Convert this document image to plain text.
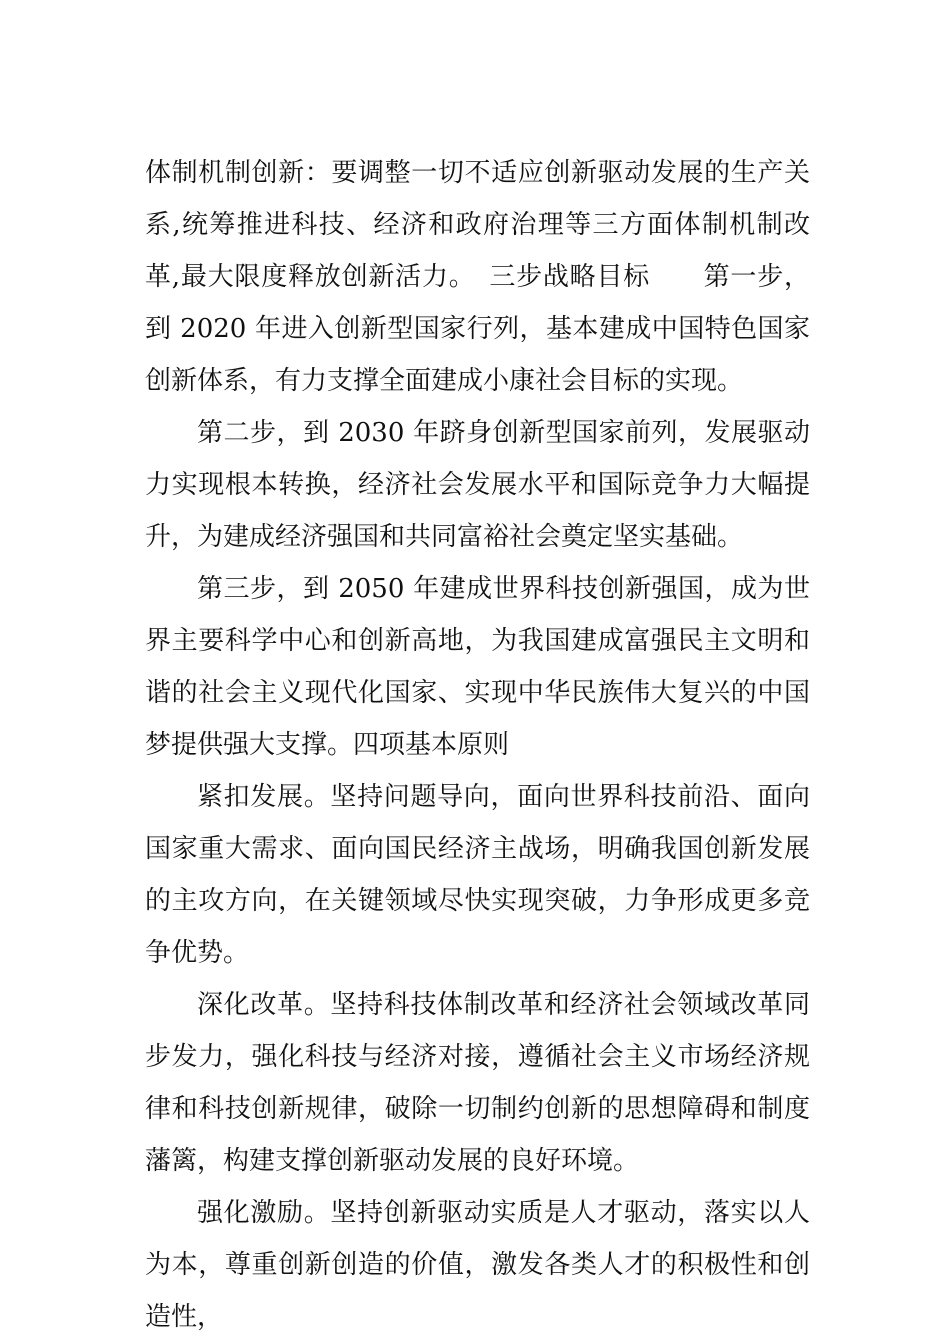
体制机制创新：要调整一切不适应创新驱动发展的生产关系,统筹推进科技、经济和政府治理等三方面体制机制改革,最大限度释放创新活力。　三步战略目标　　第一步，到 2020 年进入创新型国家行列，基本建成中国特色国家创新体系，有力支撑全面建成小康社会目标的实现。

第二步，到 2030 年跻身创新型国家前列，发展驱动力实现根本转换，经济社会发展水平和国际竞争力大幅提升，为建成经济强国和共同富裕社会奠定坚实基础。

第三步，到 2050 年建成世界科技创新强国，成为世界主要科学中心和创新高地，为我国建成富强民主文明和谐的社会主义现代化国家、实现中华民族伟大复兴的中国梦提供强大支撑。四项基本原则

紧扣发展。坚持问题导向，面向世界科技前沿、面向国家重大需求、面向国民经济主战场，明确我国创新发展的主攻方向，在关键领域尽快实现突破，力争形成更多竞争优势。

深化改革。坚持科技体制改革和经济社会领域改革同步发力，强化科技与经济对接，遵循社会主义市场经济规律和科技创新规律，破除一切制约创新的思想障碍和制度藩篱，构建支撑创新驱动发展的良好环境。

强化激励。坚持创新驱动实质是人才驱动，落实以人为本，尊重创新创造的价值，激发各类人才的积极性和创造性，
